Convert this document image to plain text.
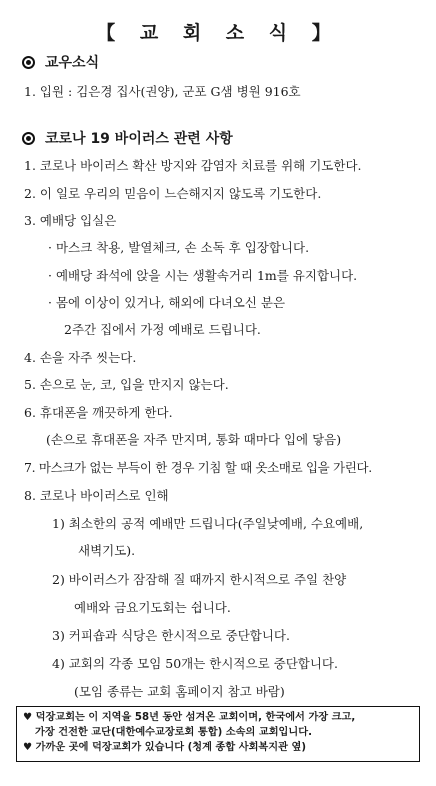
【 교 회 소 식 】
교우소식
1. 입원 : 김은경 집사(권양), 군포 G샘 병원 916호
코로나 19 바이러스 관련 사항
1. 코로나 바이러스 확산 방지와 감염자 치료를 위해 기도한다.
2. 이 일로 우리의 믿음이 느슨해지지 않도록 기도한다.
3. 예배당 입실은
· 마스크 착용, 발열체크, 손 소독 후 입장합니다.
· 예배당 좌석에 앉을 시는 생활속거리 1m를 유지합니다.
· 몸에 이상이 있거나, 해외에 다녀오신 분은
2주간 집에서 가정 예배로 드립니다.
4. 손을 자주 씻는다.
5. 손으로 눈, 코, 입을 만지지 않는다.
6. 휴대폰을 깨끗하게 한다.
(손으로 휴대폰을 자주 만지며, 통화 때마다 입에 닿음)
7. 마스크가 없는 부득이 한 경우 기침 할 때 옷소매로 입을 가린다.
8. 코로나 바이러스로 인해
1) 최소한의 공적 예배만 드립니다(주일낮예배, 수요예배,
새벽기도).
2) 바이러스가 잠잠해 질 때까지 한시적으로 주일 찬양
예배와 금요기도회는 쉽니다.
3) 커피숍과 식당은 한시적으로 중단합니다.
4) 교회의 각종 모임 50개는 한시적으로 중단합니다.
(모임 종류는 교회 홈페이지 참고 바람)
♥ 덕장교회는 이 지역을 58년 동안 섬겨온 교회이며, 한국에서 가장 크고,
가장 건전한 교단(대한예수교장로회 통합) 소속의 교회입니다.
♥ 가까운 곳에 덕장교회가 있습니다 (청계 종합 사회복지관 옆)
